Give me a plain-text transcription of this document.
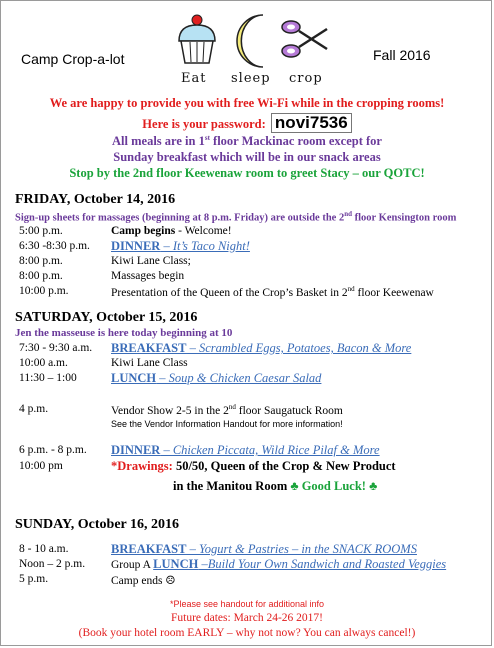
Camp Crop-a-lot	Fall 2016
Eat sleep crop
We are happy to provide you with free Wi-Fi while in the cropping rooms!
Here is your password: novi7536
All meals are in 1st floor Mackinac room except for
Sunday breakfast which will be in our snack areas
Stop by the 2nd floor Keewenaw room to greet Stacy – our QOTC!
FRIDAY, October 14, 2016
Sign-up sheets for massages (beginning at 8 p.m. Friday) are outside the 2nd floor Kensington room
5:00 p.m.	Camp begins - Welcome!
6:30 -8:30 p.m. DINNER – It’s Taco Night!
8:00 p.m.	Kiwi Lane Class;
8:00 p.m.	Massages begin
10:00 p.m.	Presentation of the Queen of the Crop’s Basket in 2nd floor Keewenaw
SATURDAY, October 15, 2016
Jen the masseuse is here today beginning at 10
7:30 - 9:30 a.m. BREAKFAST – Scrambled Eggs, Potatoes, Bacon & More
10:00 a.m.	Kiwi Lane Class
11:30 – 1:00	LUNCH – Soup & Chicken Caesar Salad
4 p.m.	Vendor Show 2-5 in the 2nd floor Saugatuck Room
See the Vendor Information Handout for more information!
6 p.m. - 8 p.m. DINNER – Chicken Piccata, Wild Rice Pilaf & More
10:00 pm	*Drawings: 50/50, Queen of the Crop & New Product
in the Manitou Room ♣ Good Luck! ♣
SUNDAY, October 16, 2016
8 - 10 a.m.	BREAKFAST – Yogurt & Pastries – in the SNACK ROOMS
Noon – 2 p.m. Group A LUNCH –Build Your Own Sandwich and Roasted Veggies
5 p.m.	Camp ends ☹
*Please see handout for additional info
Future dates: March 24-26 2017!
(Book your hotel room EARLY – why not now? You can always cancel!)
